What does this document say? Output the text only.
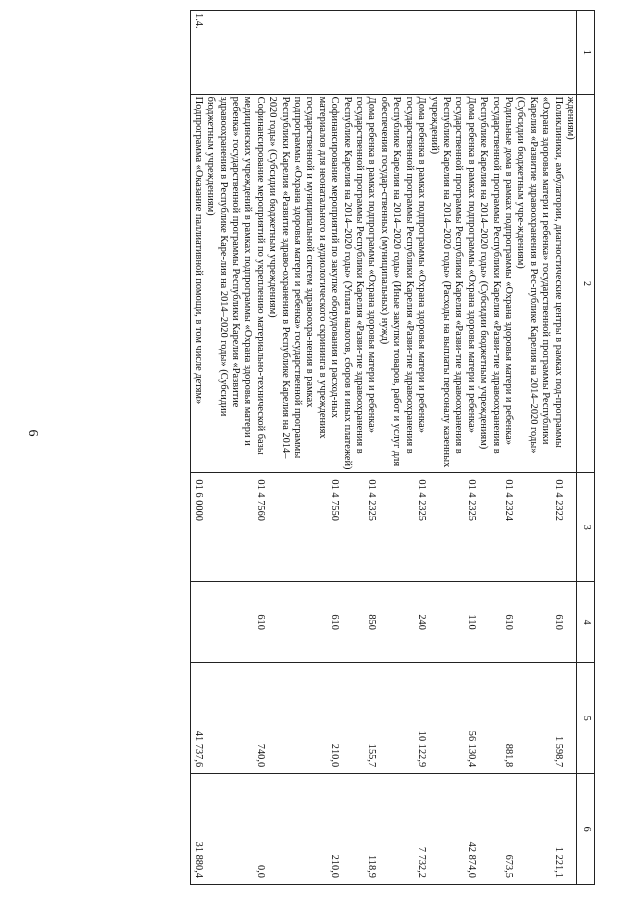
6
1	2	3	4	5	6
	ждениям)				
	Поликлиники, амбулатории, диагностические центры в рамках под-программы «Охрана здоровья матери и ребенка» государственной программы Республики Карелия «Развитие здравоохранения в Рес-публике Карелия на 2014–2020 годы» (Субсидии бюджетным учре-ждениям)	01 4 2322	610	1 598,7	1 221,1
	Родильные дома в рамках подпрограммы «Охрана здоровья матери и ребенка» государственной программы Республики Карелия «Разви-тие здравоохранения в Республике Карелия на 2014–2020 годы» (Субсидии бюджетным учреждениям)	01 4 2324	610	881,8	673,5
	Дома ребенка в рамках подпрограммы «Охрана здоровья матери и ребенка» государственной программы Республики Карелия «Разви-тие здравоохранения в Республике Карелия на 2014–2020 годы» (Расходы на выплаты персоналу казенных учреждений)	01 4 2325	110	56 130,4	42 874,0
	Дома ребенка в рамках подпрограммы «Охрана здоровья матери и ребенка» государственной программы Республики Карелия «Разви-тие здравоохранения в Республике Карелия на 2014–2020 годы» (Иные закупки товаров, работ и услуг для обеспечения государ-ственных (муниципальных) нужд)	01 4 2325	240	10 122,9	7 732,2
	Дома ребенка в рамках подпрограммы «Охрана здоровья матери и ребенка» государственной программы Республики Карелия «Разви-тие здравоохранения в Республике Карелия на 2014–2020 годы» (Уплата налогов, сборов и иных платежей)	01 4 2325	850	155,7	118,9
	Софинансирование мероприятий по закупке оборудования и расход-ных материалов для неонатального и аудиологического скрининга в учреждениях государственной и муниципальной систем здравоохра-нения в рамках подпрограммы «Охрана здоровья матери и ребенка» государственной программы Республики Карелия «Развитие здраво-охранения в Республике Карелия на 2014–2020 годы» (Субсидии бюджетным учреждениям)	01 4 7550	610	210,0	210,0
	Софинансирование мероприятий по укреплению материально-технической базы медицинских учреждений в рамках подпрограммы «Охрана здоровья матери и ребенка» государственной программы Республики Карелия «Развитие здравоохранения в Республике Каре-лия на 2014–2020 годы» (Субсидии бюджетным учреждениям)	01 4 7560	610	740,0	0,0
1.4.	Подпрограмма «Оказание паллиативной помощи, в том числе детям»	01 6 0000		41 737,6	31 880,4
